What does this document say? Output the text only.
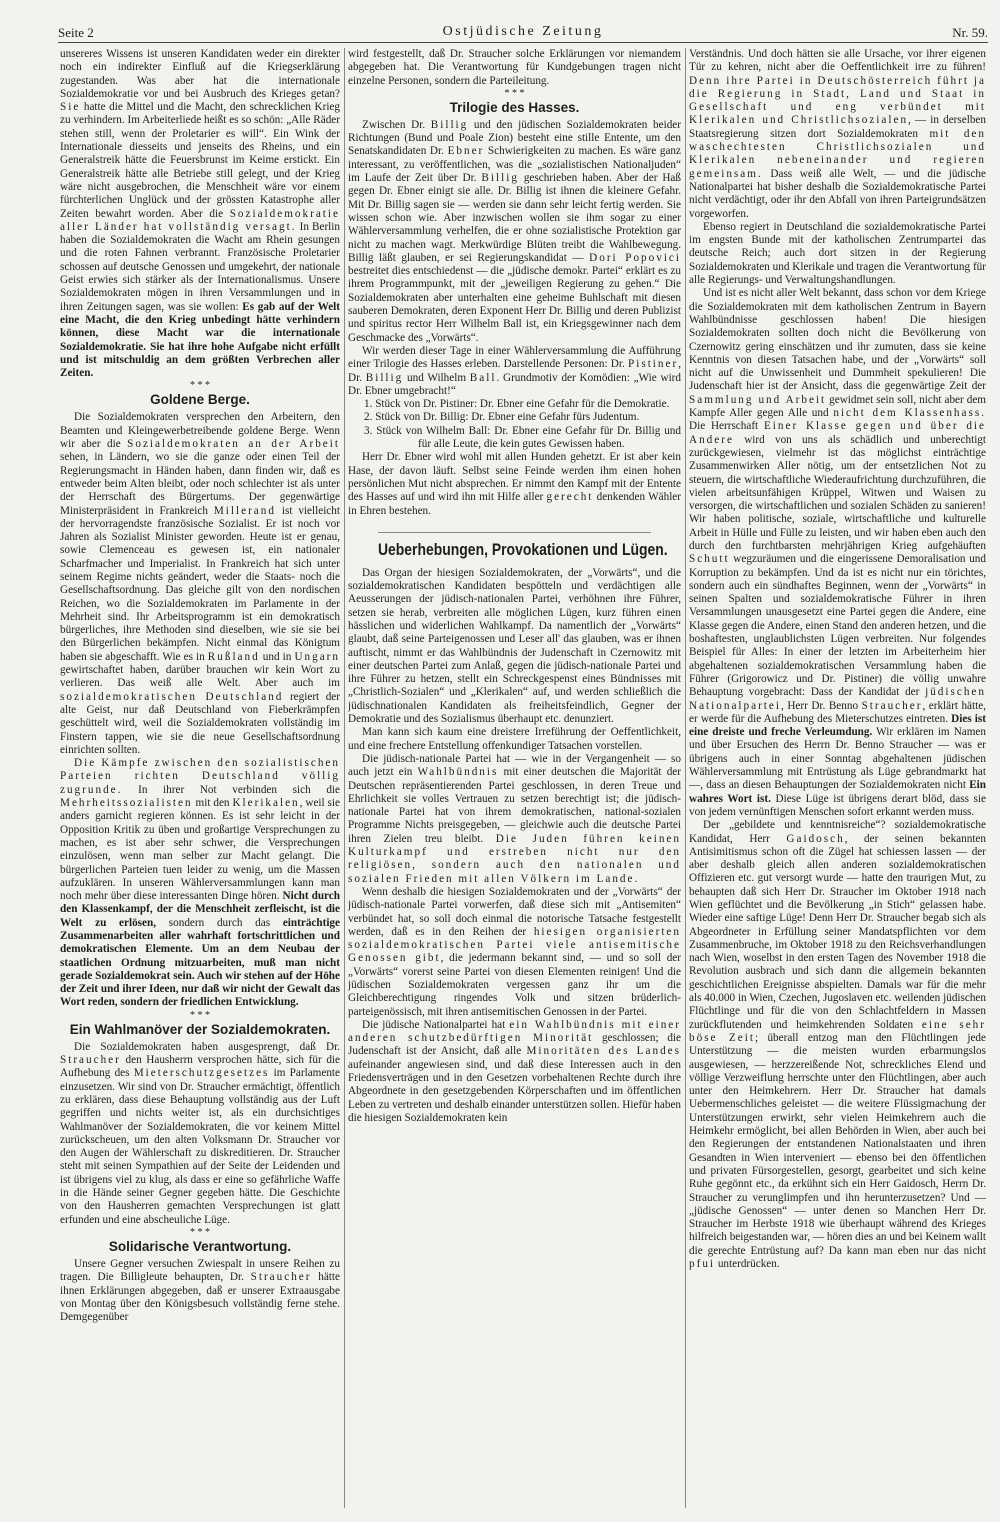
Seite 2	Ostjüdische Zeitung	Nr. 59.

unsereres Wissens ist unseren Kandidaten weder ein direkter noch ein indirekter Einfluß auf die Kriegserklärung zugestanden. Was aber hat die internationale Sozialdemokratie vor und bei Ausbruch des Krieges getan? Sie hatte die Mittel und die Macht, den schrecklichen Krieg zu verhindern. Im Arbeiterliede heißt es so schön: „Alle Räder stehen still, wenn der Proletarier es will“. Ein Wink der Internationale diesseits und jenseits des Rheins, und ein Generalstreik hätte die Feuersbrunst im Keime erstickt. Ein Generalstreik hätte alle Betriebe still gelegt, und der Krieg wäre nicht ausgebrochen, die Menschheit wäre vor einem fürchterlichen Unglück und der grössten Katastrophe aller Zeiten bewahrt worden. Aber die Sozialdemokratie aller Länder hat vollständig versagt. In Berlin haben die Sozialdemokraten die Wacht am Rhein gesungen und die roten Fahnen verbrannt. Französische Proletarier schossen auf deutsche Genossen und umgekehrt, der nationale Geist erwies sich stärker als der Internationalismus. Unsere Sozialdemokraten mögen in ihren Versammlungen und in ihren Zeitungen sagen, was sie wollen: Es gab auf der Welt eine Macht, die den Krieg unbedingt hätte verhindern können, diese Macht war die internationale Sozialdemokratie. Sie hat ihre hohe Aufgabe nicht erfüllt und ist mitschuldig an dem größten Verbrechen aller Zeiten.

* * *
Goldene Berge.

Die Sozialdemokraten versprechen den Arbeitern, den Beamten und Kleingewerbetreibende goldene Berge. Wenn wir aber die Sozialdemokraten an der Arbeit sehen, in Ländern, wo sie die ganze oder einen Teil der Regierungsmacht in Händen haben, dann finden wir, daß es entweder beim Alten bleibt, oder noch schlechter ist als unter der Herrschaft des Bürgertums. Der gegenwärtige Ministerpräsident in Frankreich Millerand ist vielleicht der hervorragendste französische Sozialist. Er ist noch vor Jahren als Sozialist Minister geworden. Heute ist er genau, sowie Clemenceau es gewesen ist, ein nationaler Scharfmacher und Imperialist. In Frankreich hat sich unter seinem Regime nichts geändert, weder die Staats- noch die Gesellschaftsordnung. Das gleiche gilt von den nordischen Reichen, wo die Sozialdemokraten im Parlamente in der Mehrheit sind. Ihr Arbeitsprogramm ist ein demokratisch bürgerliches, ihre Methoden sind dieselben, wie sie sie bei den Bürgerlichen bekämpfen. Nicht einmal das Königtum haben sie abgeschafft. Wie es in Rußland und in Ungarn gewirtschaftet haben, darüber brauchen wir kein Wort zu verlieren. Das weiß alle Welt. Aber auch im sozialdemokratischen Deutschland regiert der alte Geist, nur daß Deutschland von Fieberkrämpfen geschüttelt wird, weil die Sozialdemokraten vollständig im Finstern tappen, wie sie die neue Gesellschaftsordnung einrichten sollten.

Die Kämpfe zwischen den sozialistischen Parteien richten Deutschland völlig zugrunde. In ihrer Not verbinden sich die Mehrheitssozialisten mit den Klerikalen, weil sie anders garnicht regieren können. Es ist sehr leicht in der Opposition Kritik zu üben und großartige Versprechungen zu machen, es ist aber sehr schwer, die Versprechungen einzulösen, wenn man selber zur Macht gelangt. Die bürgerlichen Parteien tuen leider zu wenig, um die Massen aufzuklären. In unseren Wählerversammlungen kann man noch mehr über diese interessanten Dinge hören. Nicht durch den Klassenkampf, der die Menschheit zerfleischt, ist die Welt zu erlösen, sondern durch das einträchtige Zusammenarbeiten aller wahrhaft fortschrittlichen und demokratischen Elemente. Um an dem Neubau der staatlichen Ordnung mitzuarbeiten, muß man nicht gerade Sozialdemokrat sein. Auch wir stehen auf der Höhe der Zeit und ihrer Ideen, nur daß wir nicht der Gewalt das Wort reden, sondern der friedlichen Entwicklung.

* * *
Ein Wahlmanöver der Sozialdemokraten.

Die Sozialdemokraten haben ausgesprengt, daß Dr. Straucher den Hausherrn versprochen hätte, sich für die Aufhebung des Mieterschutzgesetzes im Parlamente einzusetzen. Wir sind von Dr. Straucher ermächtigt, öffentlich zu erklären, dass diese Behauptung vollständig aus der Luft gegriffen und nichts weiter ist, als ein durchsichtiges Wahlmanöver der Sozialdemokraten, die vor keinem Mittel zurückscheuen, um den alten Volksmann Dr. Straucher vor den Augen der Wählerschaft zu diskreditieren. Dr. Straucher steht mit seinen Sympathien auf der Seite der Leidenden und ist übrigens viel zu klug, als dass er eine so gefährliche Waffe in die Hände seiner Gegner gegeben hätte. Die Geschichte von den Hausherren gemachten Versprechungen ist glatt erfunden und eine abscheuliche Lüge.

* * *
Solidarische Verantwortung.

Unsere Gegner versuchen Zwiespalt in unsere Reihen zu tragen. Die Billigleute behaupten, Dr. Straucher hätte ihnen Erklärungen abgegeben, daß er unserer Extraausgabe von Montag über den Königsbesuch vollständig ferne stehe. Demgegenüber

wird festgestellt, daß Dr. Straucher solche Erklärungen vor niemandem abgegeben hat. Die Verantwortung für Kundgebungen tragen nicht einzelne Personen, sondern die Parteileitung.

* * *
Trilogie des Hasses.

Zwischen Dr. Billig und den jüdischen Sozialdemokraten beider Richtungen (Bund und Poale Zion) besteht eine stille Entente, um den Senatskandidaten Dr. Ebner Schwierigkeiten zu machen. Es wäre ganz interessant, zu veröffentlichen, was die „sozialistischen Nationaljuden“ im Laufe der Zeit über Dr. Billig geschrieben haben. Aber der Haß gegen Dr. Ebner einigt sie alle. Dr. Billig ist ihnen die kleinere Gefahr. Mit Dr. Billig sagen sie — werden sie dann sehr leicht fertig werden. Sie wissen schon wie. Aber inzwischen wollen sie ihm sogar zu einer Wählerversammlung verhelfen, die er ohne sozialistische Protektion gar nicht zu machen wagt. Merkwürdige Blüten treibt die Wahlbewegung. Billig läßt glauben, er sei Regierungskandidat — Dori Popovici bestreitet dies entschiedenst — die „jüdische demokr. Partei“ erklärt es zu ihrem Programmpunkt, mit der „jeweiligen Regierung zu gehen.“ Die Sozialdemokraten aber unterhalten eine geheime Buhlschaft mit diesen sauberen Demokraten, deren Exponent Herr Dr. Billig und deren Publizist und spiritus rector Herr Wilhelm Ball ist, ein Kriegsgewinner nach dem Geschmacke des „Vorwärts“.

Wir werden dieser Tage in einer Wählerversammlung die Aufführung einer Trilogie des Hasses erleben. Darstellende Personen: Dr. Pistiner, Dr. Billig und Wilhelm Ball. Grundmotiv der Komödien: „Wie wird Dr. Ebner umgebracht!“

1. Stück von Dr. Pistiner: Dr. Ebner eine Gefahr für die Demokratie.
2. Stück von Dr. Billig: Dr. Ebner eine Gefahr fürs Judentum.
3. Stück von Wilhelm Ball: Dr. Ebner eine Gefahr für Dr. Billig und für alle Leute, die kein gutes Gewissen haben.

Herr Dr. Ebner wird wohl mit allen Hunden gehetzt. Er ist aber kein Hase, der davon läuft. Selbst seine Feinde werden ihm einen hohen persönlichen Mut nicht absprechen. Er nimmt den Kampf mit der Entente des Hasses auf und wird ihn mit Hilfe aller gerecht denkenden Wähler in Ehren bestehen.

Ueberhebungen, Provokationen und Lügen.

Das Organ der hiesigen Sozialdemokraten, der „Vorwärts“, und die sozialdemokratischen Kandidaten bespötteln und verdächtigen alle Aeusserungen der jüdisch-nationalen Partei, verhöhnen ihre Führer, setzen sie herab, verbreiten alle möglichen Lügen, kurz führen einen hässlichen und widerlichen Wahlkampf. Da namentlich der „Vorwärts“ glaubt, daß seine Parteigenossen und Leser all' das glauben, was er ihnen auftischt, nimmt er das Wahlbündnis der Judenschaft in Czernowitz mit einer deutschen Partei zum Anlaß, gegen die jüdisch-nationale Partei und ihre Führer zu hetzen, stellt ein Schreckgespenst eines Bündnisses mit „Christlich-Sozialen“ und „Klerikalen“ auf, und werden schließlich die jüdischnationalen Kandidaten als freiheitsfeindlich, Gegner der Demokratie und des Sozialismus überhaupt etc. denunziert.

Man kann sich kaum eine dreistere Irreführung der Oeffentlichkeit, und eine frechere Entstellung offenkundiger Tatsachen vorstellen.

Die jüdisch-nationale Partei hat — wie in der Vergangenheit — so auch jetzt ein Wahlbündnis mit einer deutschen die Majorität der Deutschen repräsentierenden Partei geschlossen, in deren Treue und Ehrlichkeit sie volles Vertrauen zu setzen berechtigt ist; die jüdisch-nationale Partei hat von ihrem demokratischen, national-sozialen Programme Nichts preisgegeben, — gleichwie auch die deutsche Partei ihren Zielen treu bleibt. Die Juden führen keinen Kulturkampf und erstreben nicht nur den religiösen, sondern auch den nationalen und sozialen Frieden mit allen Völkern im Lande.

Wenn deshalb die hiesigen Sozialdemokraten und der „Vorwärts“ der jüdisch-nationale Partei vorwerfen, daß diese sich mit „Antisemiten“ verbündet hat, so soll doch einmal die notorische Tatsache festgestellt werden, daß es in den Reihen der hiesigen organisierten sozialdemokratischen Partei viele antisemitische Genossen gibt, die jedermann bekannt sind, — und so soll der „Vorwärts“ vorerst seine Partei von diesen Elementen reinigen! Und die jüdischen Sozialdemokraten vergessen ganz ihr um die Gleichberechtigung ringendes Volk und sitzen brüderlich-parteigenössisch, mit ihren antisemitischen Genossen in der Partei.

Die jüdische Nationalpartei hat ein Wahlbündnis mit einer anderen schutzbedürftigen Minorität geschlossen; die Judenschaft ist der Ansicht, daß alle Minoritäten des Landes aufeinander angewiesen sind, und daß diese Interessen auch in den Friedensverträgen und in den Gesetzen vorbehaltenen Rechte durch ihre Abgeordnete in den gesetzgebenden Körperschaften und im öffentlichen Leben zu vertreten und deshalb einander unterstützen sollen. Hiefür haben die hiesigen Sozialdemokraten kein

Verständnis. Und doch hätten sie alle Ursache, vor ihrer eigenen Tür zu kehren, nicht aber die Oeffentlichkeit irre zu führen! Denn ihre Partei in Deutschösterreich führt ja die Regierung in Stadt, Land und Staat in Gesellschaft und eng verbündet mit Klerikalen und Christlichsozialen, — in derselben Staatsregierung sitzen dort Sozialdemokraten mit den waschechtesten Christlichsozialen und Klerikalen nebeneinander und regieren gemeinsam. Dass weiß alle Welt, — und die jüdische Nationalpartei hat bisher deshalb die Sozialdemokratische Partei nicht verdächtigt, oder ihr den Abfall von ihren Parteigrundsätzen vorgeworfen.

Ebenso regiert in Deutschland die sozialdemokratische Partei im engsten Bunde mit der katholischen Zentrumpartei das deutsche Reich; auch dort sitzen in der Regierung Sozialdemokraten und Klerikale und tragen die Verantwortung für alle Regierungs- und Verwaltungshandlungen.

Und ist es nicht aller Welt bekannt, dass schon vor dem Kriege die Sozialdemokraten mit dem katholischen Zentrum in Bayern Wahlbündnisse geschlossen haben! Die hiesigen Sozialdemokraten sollten doch nicht die Bevölkerung von Czernowitz gering einschätzen und ihr zumuten, dass sie keine Kenntnis von diesen Tatsachen habe, und der „Vorwärts“ soll nicht auf die Unwissenheit und Dummheit spekulieren! Die Judenschaft hier ist der Ansicht, dass die gegenwärtige Zeit der Sammlung und Arbeit gewidmet sein soll, nicht aber dem Kampfe Aller gegen Alle und nicht dem Klassenhass. Die Herrschaft Einer Klasse gegen und über die Andere wird von uns als schädlich und unberechtigt zurückgewiesen, vielmehr ist das möglichst einträchtige Zusammenwirken Aller nötig, um der entsetzlichen Not zu steuern, die wirtschaftliche Wiederaufrichtung durchzuführen, die vielen arbeitsunfähigen Krüppel, Witwen und Waisen zu versorgen, die wirtschaftlichen und sozialen Schäden zu sanieren! Wir haben politische, soziale, wirtschaftliche und kulturelle Arbeit in Hülle und Fülle zu leisten, und wir haben eben auch den durch den furchtbarsten mehrjährigen Krieg aufgehäuften Schutt wegzuräumen und die eingerissene Demoralisation und Korruption zu bekämpfen. Und da ist es nicht nur ein törichtes, sondern auch ein sündhaftes Beginnen, wenn der „Vorwärts“ in seinen Spalten und sozialdemokratische Führer in ihren Versammlungen unausgesetzt eine Partei gegen die Andere, eine Klasse gegen die Andere, einen Stand den anderen hetzen, und die boshaftesten, unglaublichsten Lügen verbreiten. Nur folgendes Beispiel für Alles: In einer der letzten im Arbeiterheim hier abgehaltenen sozialdemokratischen Versammlung haben die Führer (Grigorowicz und Dr. Pistiner) die völlig unwahre Behauptung vorgebracht: Dass der Kandidat der jüdischen Nationalpartei, Herr Dr. Benno Straucher, erklärt hätte, er werde für die Aufhebung des Mieterschutzes eintreten. Dies ist eine dreiste und freche Verleumdung. Wir erklären im Namen und über Ersuchen des Herrn Dr. Benno Straucher — was er übrigens auch in einer Sonntag abgehaltenen jüdischen Wählerversammlung mit Entrüstung als Lüge gebrandmarkt hat —, dass an diesen Behauptungen der Sozialdemokraten nicht Ein wahres Wort ist. Diese Lüge ist übrigens derart blöd, dass sie von jedem vernünftigen Menschen sofort erkannt werden muss.

Der „gebildete und kenntnisreiche“? sozialdemokratische Kandidat, Herr Gaidosch, der seinen bekannten Antisimitismus schon oft die Zügel hat schiessen lassen — der aber deshalb gleich allen anderen sozialdemokratischen Offizieren etc. gut versorgt wurde — hatte den traurigen Mut, zu behaupten daß sich Herr Dr. Straucher im Oktober 1918 nach Wien geflüchtet und die Bevölkerung „in Stich“ gelassen habe. Wieder eine saftige Lüge! Denn Herr Dr. Straucher begab sich als Abgeordneter in Erfüllung seiner Mandatspflichten vor dem Zusammenbruche, im Oktober 1918 zu den Reichsverhandlungen nach Wien, woselbst in den ersten Tagen des November 1918 die Revolution ausbrach und sich dann die allgemein bekannten geschichtlichen Ereignisse abspielten. Damals war für die mehr als 40.000 in Wien, Czechen, Jugoslaven etc. weilenden jüdischen Flüchtlinge und für die von den Schlachtfeldern in Massen zurückflutenden und heimkehrenden Soldaten eine sehr böse Zeit; überall entzog man den Flüchtlingen jede Unterstützung — die meisten wurden erbarmungslos ausgewiesen, — herzzereißende Not, schreckliches Elend und völlige Verzweiflung herrschte unter den Flüchtlingen, aber auch unter den Heimkehrern. Herr Dr. Straucher hat damals Uebermenschliches geleistet — die weitere Flüssigmachung der Unterstützungen erwirkt, sehr vielen Heimkehrern auch die Heimkehr ermöglicht, bei allen Behörden in Wien, aber auch bei den Regierungen der entstandenen Nationalstaaten und ihren Gesandten in Wien interveniert — ebenso bei den öffentlichen und privaten Fürsorgestellen, gesorgt, gearbeitet und sich keine Ruhe gegönnt etc., da erkühnt sich ein Herr Gaidosch, Herrn Dr. Straucher zu verunglimpfen und ihn herunterzusetzen? Und — „jüdische Genossen“ — unter denen so Manchen Herr Dr. Straucher im Herbste 1918 wie überhaupt während des Krieges hilfreich beigestanden war, — hören dies an und bei Keinem wallt die gerechte Entrüstung auf? Da kann man eben nur das nicht pfui unterdrücken.
